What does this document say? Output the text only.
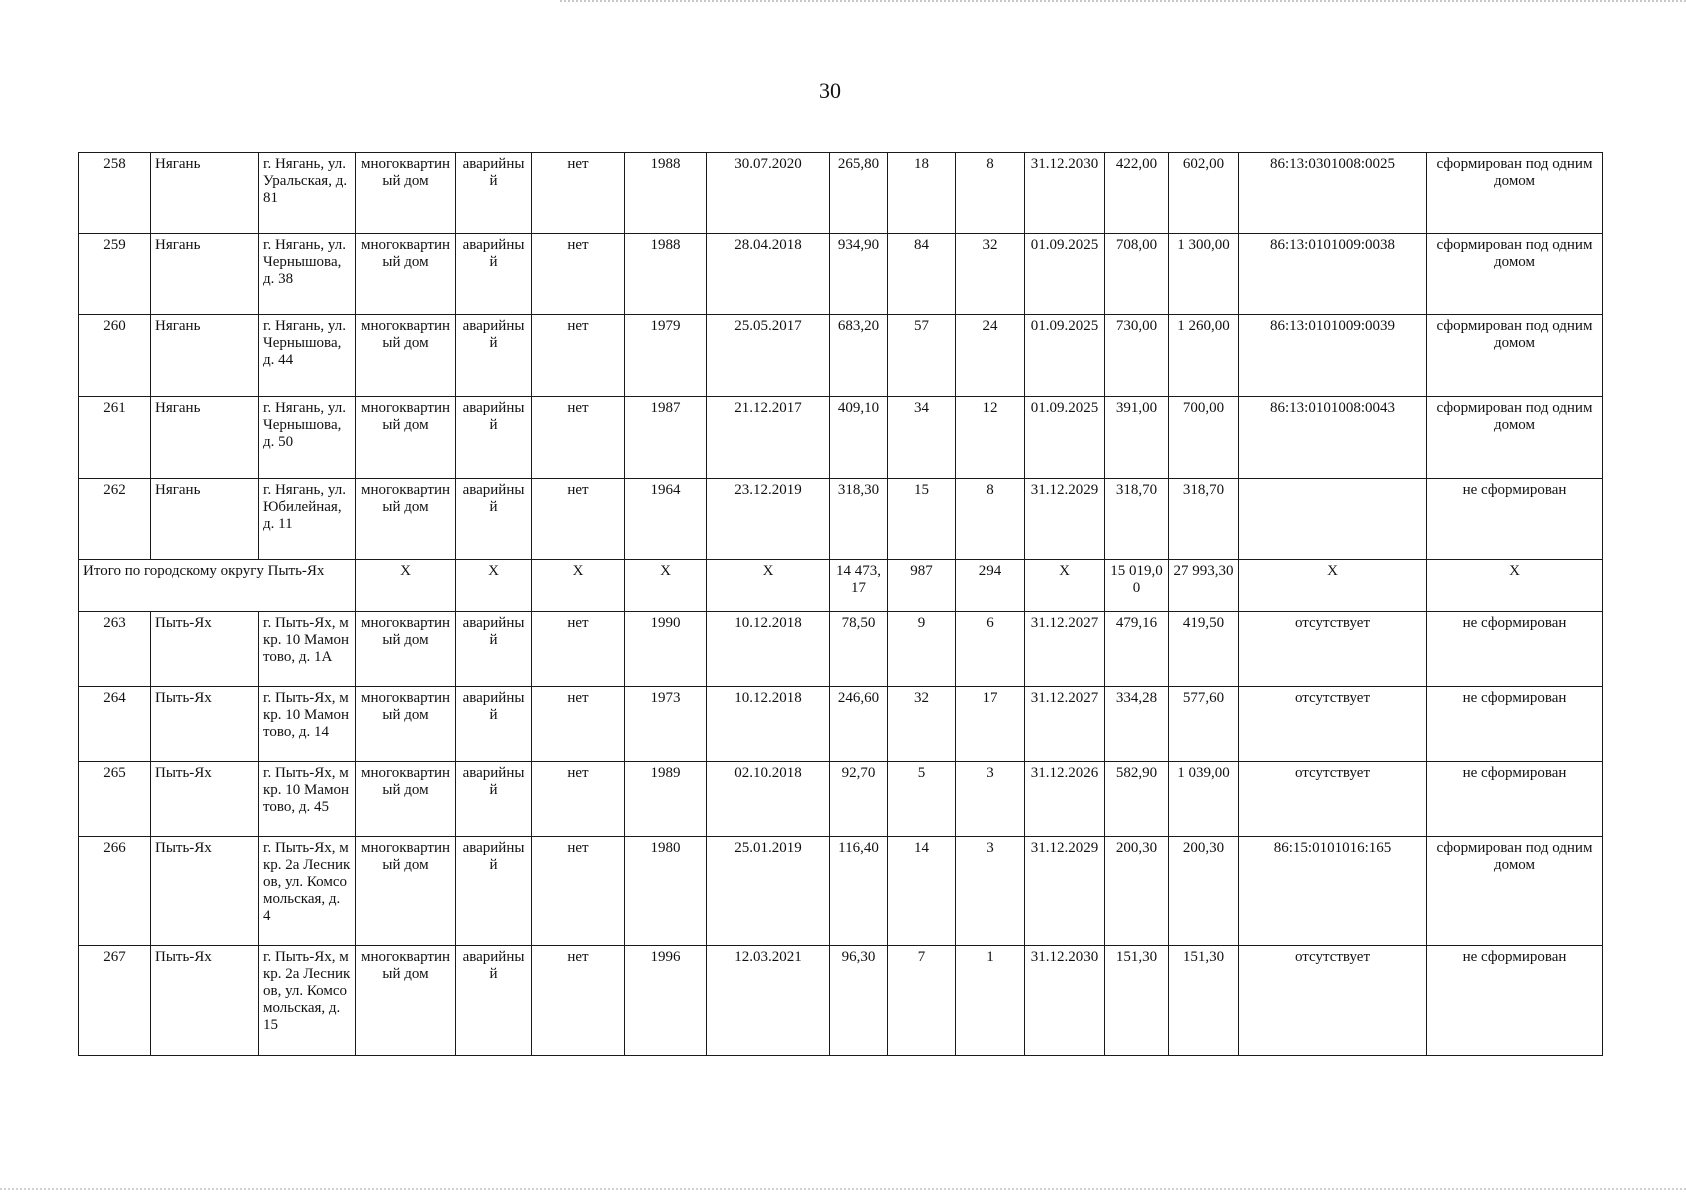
30
258	Нягань	г. Нягань, ул. Уральская, д. 81	многоквартиный дом	аварийный	нет	1988	30.07.2020	265,80	18	8	31.12.2030	422,00	602,00	86:13:0301008:0025	сформирован под одним домом
259	Нягань	г. Нягань, ул. Чернышова, д. 38	многоквартиный дом	аварийный	нет	1988	28.04.2018	934,90	84	32	01.09.2025	708,00	1 300,00	86:13:0101009:0038	сформирован под одним домом
260	Нягань	г. Нягань, ул. Чернышова, д. 44	многоквартиный дом	аварийный	нет	1979	25.05.2017	683,20	57	24	01.09.2025	730,00	1 260,00	86:13:0101009:0039	сформирован под одним домом
261	Нягань	г. Нягань, ул. Чернышова, д. 50	многоквартиный дом	аварийный	нет	1987	21.12.2017	409,10	34	12	01.09.2025	391,00	700,00	86:13:0101008:0043	сформирован под одним домом
262	Нягань	г. Нягань, ул. Юбилейная, д. 11	многоквартиный дом	аварийный	нет	1964	23.12.2019	318,30	15	8	31.12.2029	318,70	318,70		не сформирован
Итого по городскому округу Пыть-Ях			X	X	X	X	X	14 473,17	987	294	X	15 019,00	27 993,30	X	X
263	Пыть-Ях	г. Пыть-Ях, мкр. 10 Мамонтово, д. 1А	многоквартиный дом	аварийный	нет	1990	10.12.2018	78,50	9	6	31.12.2027	479,16	419,50	отсутствует	не сформирован
264	Пыть-Ях	г. Пыть-Ях, мкр. 10 Мамонтово, д. 14	многоквартиный дом	аварийный	нет	1973	10.12.2018	246,60	32	17	31.12.2027	334,28	577,60	отсутствует	не сформирован
265	Пыть-Ях	г. Пыть-Ях, мкр. 10 Мамонтово, д. 45	многоквартиный дом	аварийный	нет	1989	02.10.2018	92,70	5	3	31.12.2026	582,90	1 039,00	отсутствует	не сформирован
266	Пыть-Ях	г. Пыть-Ях, мкр. 2а Лесников, ул. Комсомольская, д. 4	многоквартиный дом	аварийный	нет	1980	25.01.2019	116,40	14	3	31.12.2029	200,30	200,30	86:15:0101016:165	сформирован под одним домом
267	Пыть-Ях	г. Пыть-Ях, мкр. 2а Лесников, ул. Комсомольская, д. 15	многоквартиный дом	аварийный	нет	1996	12.03.2021	96,30	7	1	31.12.2030	151,30	151,30	отсутствует	не сформирован
